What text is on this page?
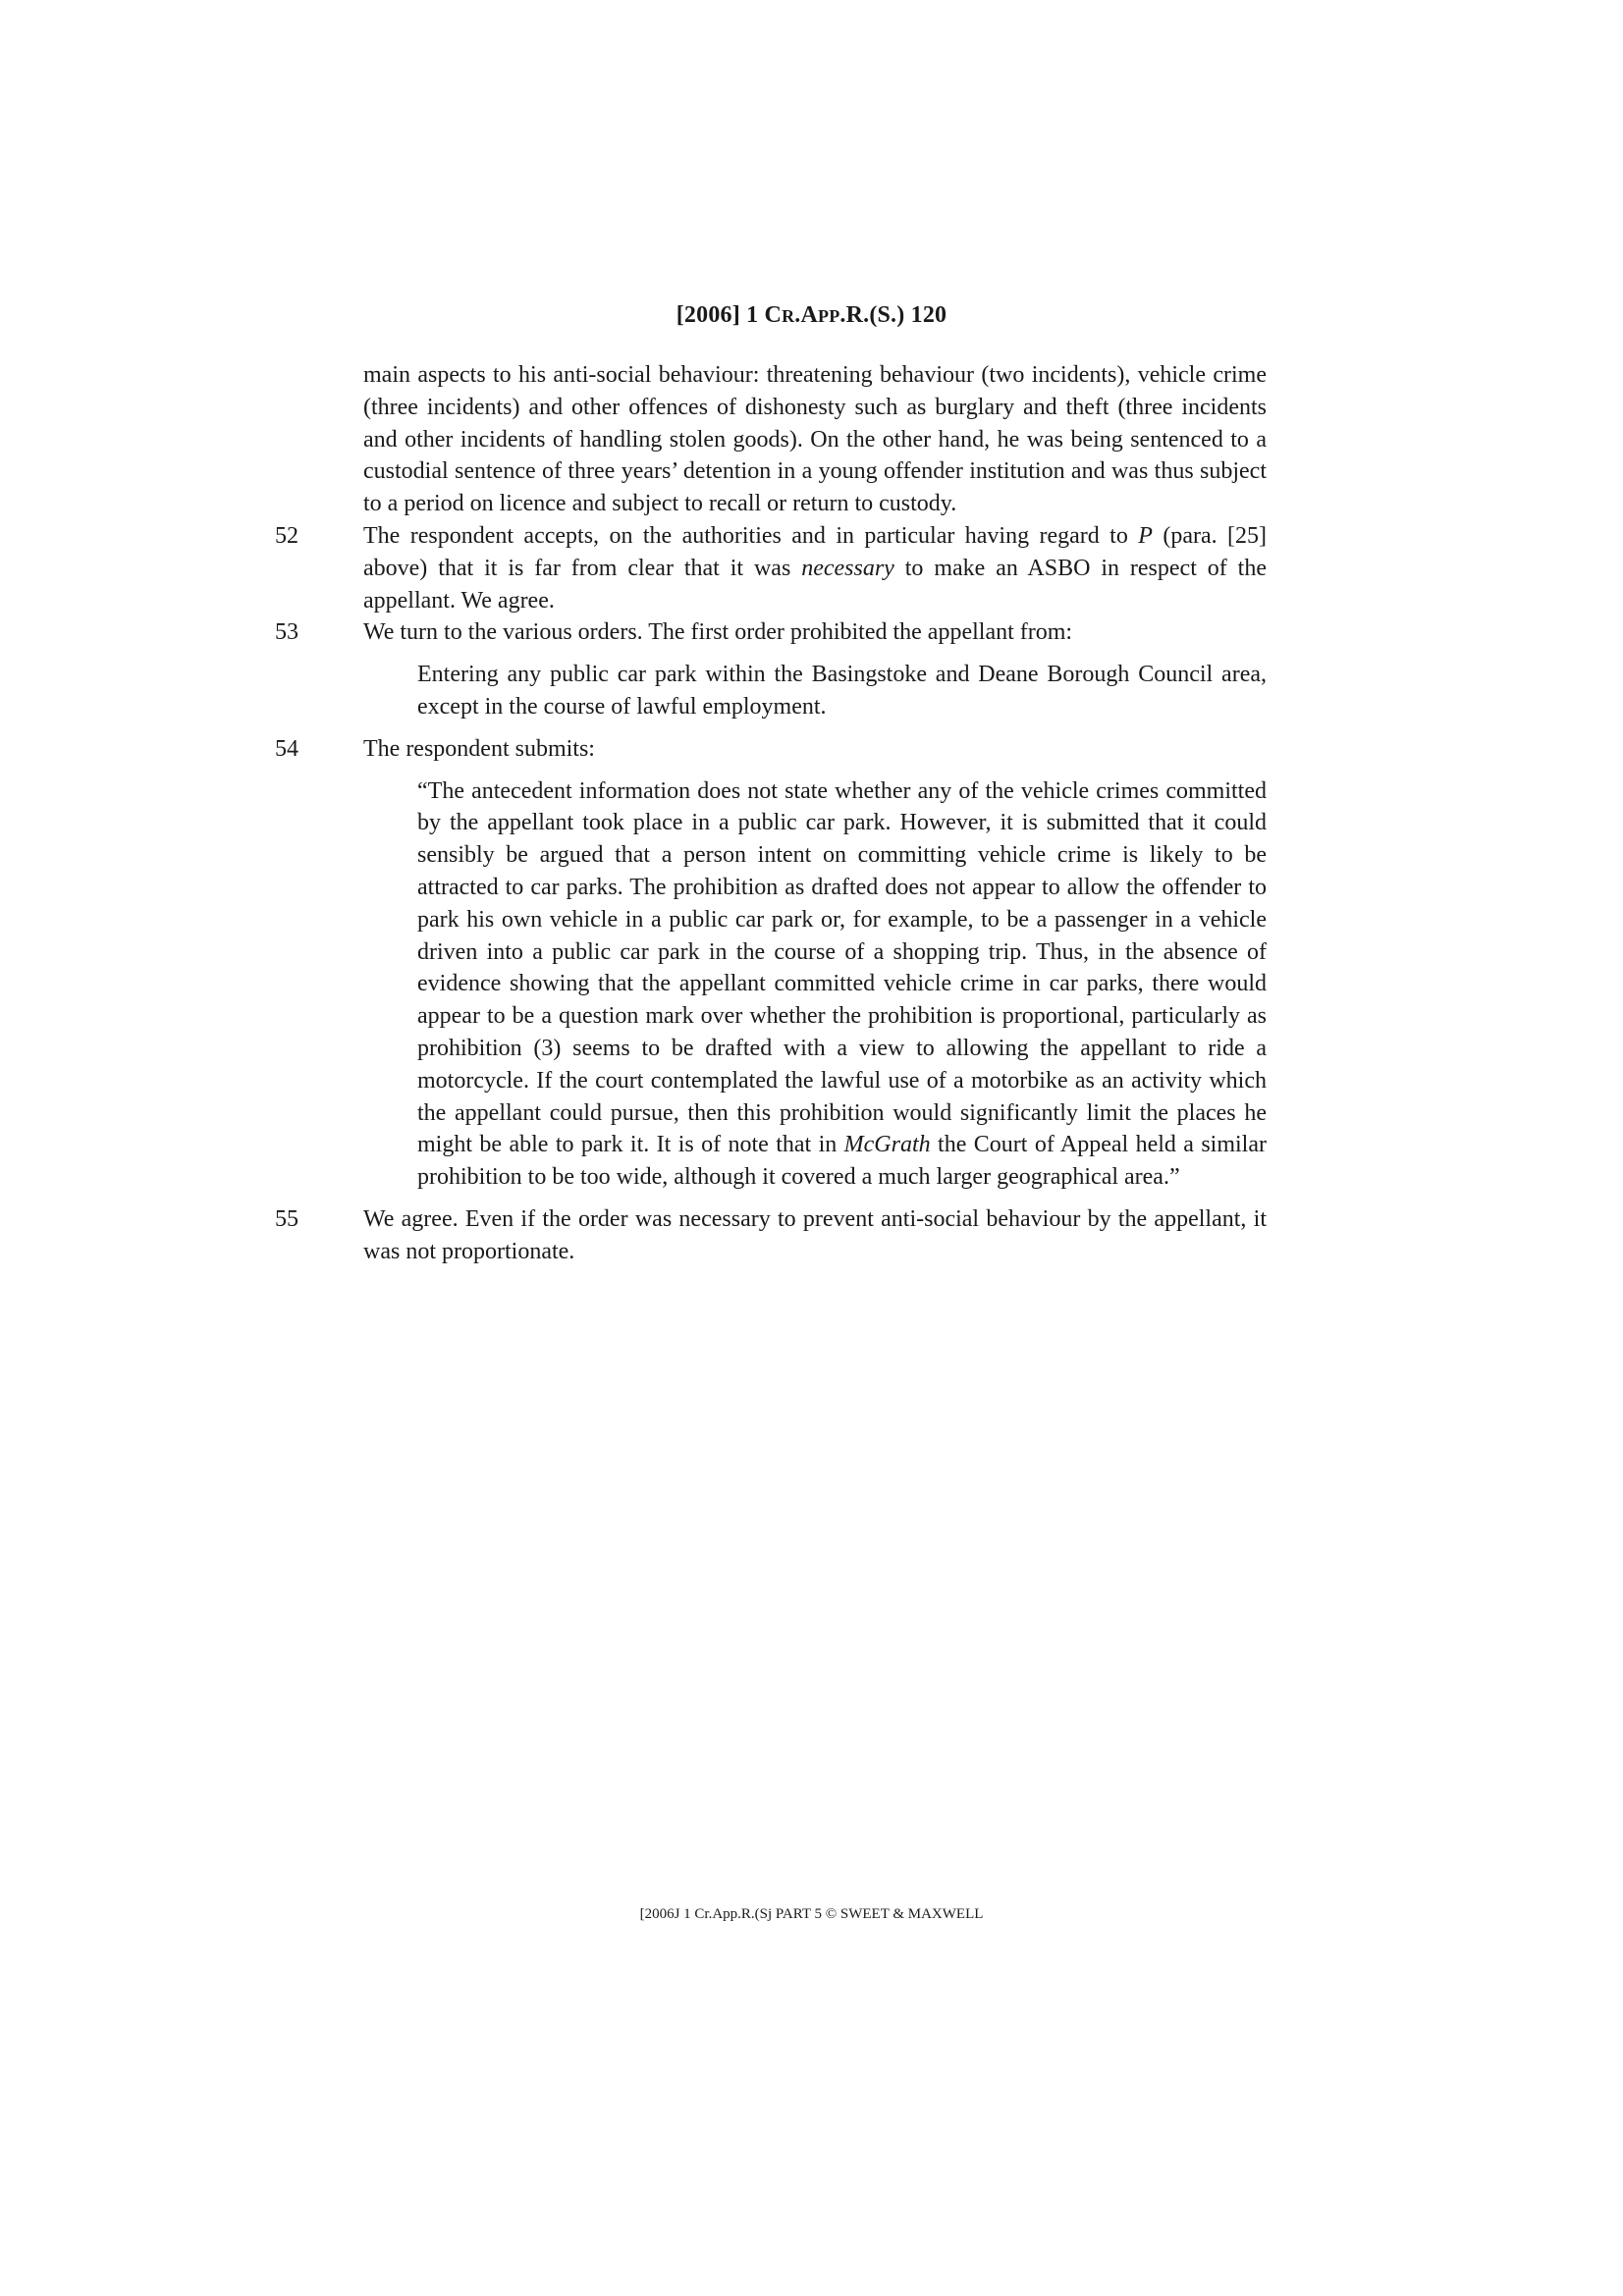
[2006] 1 CR.APP.R.(S.) 120

main aspects to his anti-social behaviour: threatening behaviour (two incidents), vehicle crime (three incidents) and other offences of dishonesty such as burglary and theft (three incidents and other incidents of handling stolen goods). On the other hand, he was being sentenced to a custodial sentence of three years’ detention in a young offender institution and was thus subject to a period on licence and subject to recall or return to custody.

52	The respondent accepts, on the authorities and in particular having regard to P (para. [25] above) that it is far from clear that it was necessary to make an ASBO in respect of the appellant. We agree.

53	We turn to the various orders. The first order prohibited the appellant from:

Entering any public car park within the Basingstoke and Deane Borough Council area, except in the course of lawful employment.

54	The respondent submits:

“The antecedent information does not state whether any of the vehicle crimes committed by the appellant took place in a public car park. However, it is submitted that it could sensibly be argued that a person intent on committing vehicle crime is likely to be attracted to car parks. The prohibition as drafted does not appear to allow the offender to park his own vehicle in a public car park or, for example, to be a passenger in a vehicle driven into a public car park in the course of a shopping trip. Thus, in the absence of evidence showing that the appellant committed vehicle crime in car parks, there would appear to be a question mark over whether the prohibition is proportional, particularly as prohibition (3) seems to be drafted with a view to allowing the appellant to ride a motorcycle. If the court contemplated the lawful use of a motorbike as an activity which the appellant could pursue, then this prohibition would significantly limit the places he might be able to park it. It is of note that in McGrath the Court of Appeal held a similar prohibition to be too wide, although it covered a much larger geographical area.”

55	We agree. Even if the order was necessary to prevent anti-social behaviour by the appellant, it was not proportionate.

[2006J 1 Cr.App.R.(Sj PART 5 © SWEET & MAXWELL
